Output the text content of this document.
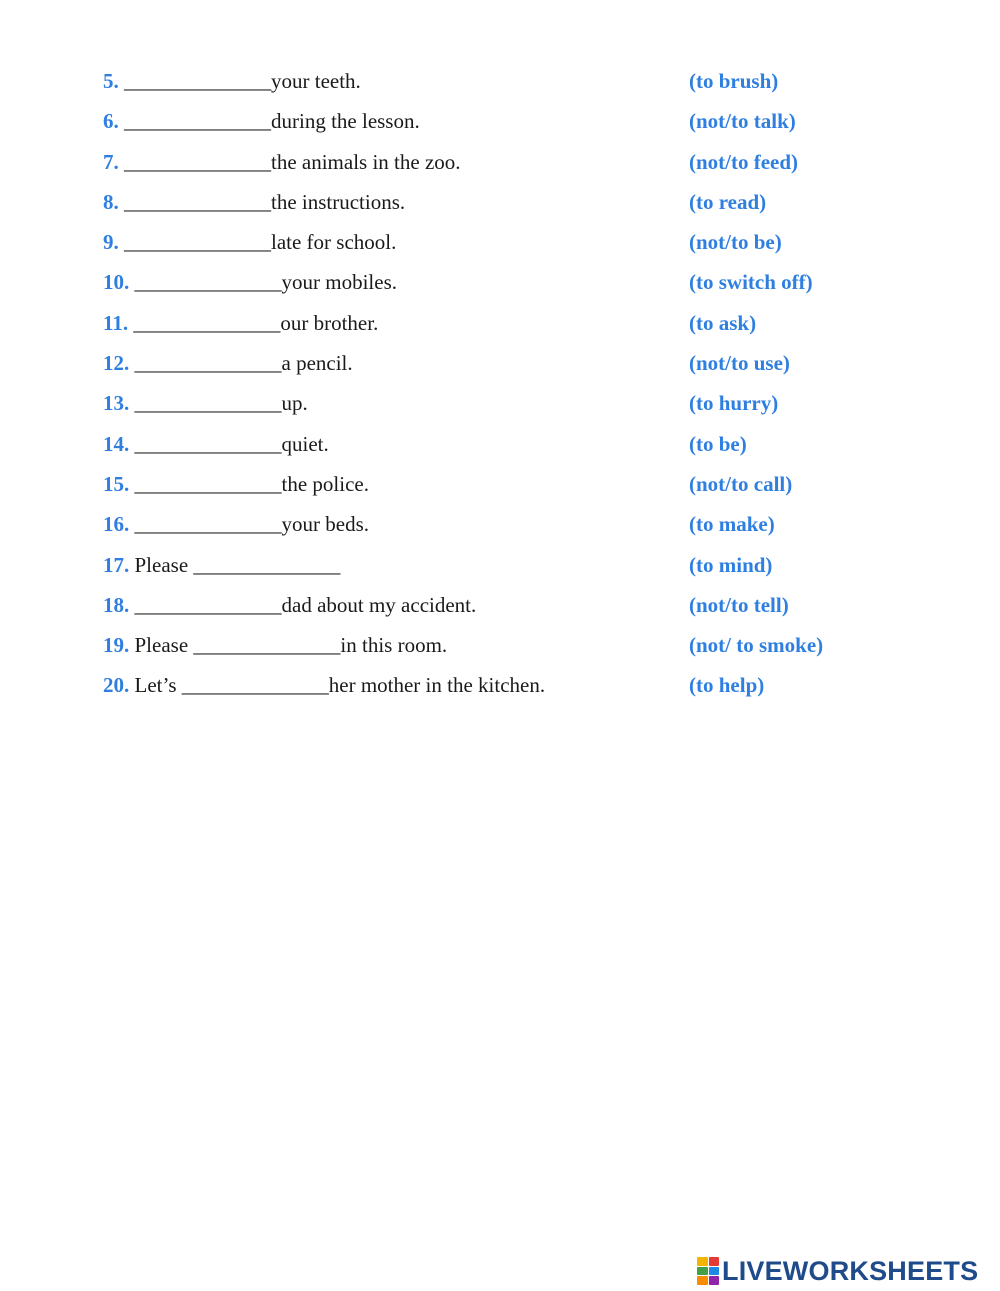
5. ______________your teeth.	(to brush)
6. ______________during the lesson.	(not/to talk)
7. ______________the animals in the zoo.	(not/to feed)
8. ______________the instructions.	(to read)
9. ______________late for school.	(not/to be)
10. ______________your mobiles.	(to switch off)
11. ______________our brother.	(to ask)
12. ______________a pencil.	(not/to use)
13. ______________up.	(to hurry)
14. ______________quiet.	(to be)
15. ______________the police.	(not/to call)
16. ______________your beds.	(to make)
17. Please ______________	(to mind)
18. ______________dad about my accident.	(not/to tell)
19. Please ______________in this room.	(not/ to smoke)
20. Let’s ______________her mother in the kitchen.	(to help)
LIVEWORKSHEETS
